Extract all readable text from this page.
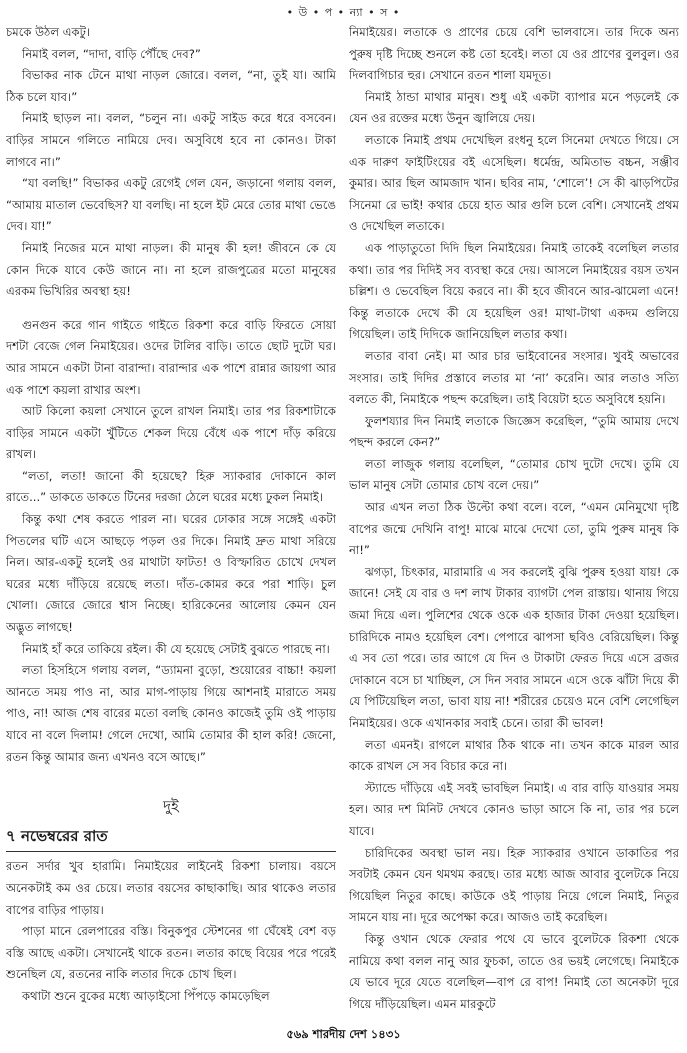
• উ • প • ন্যা • স •

চমকে উঠল একটু।

নিমাই বলল, “দাদা, বাড়ি পৌঁছে দেব?”

বিভাকর নাক টেনে মাথা নাড়ল জোরে। বলল, “না, তুই যা। আমি ঠিক চলে যাব।”

নিমাই ছাড়ল না। বলল, “চলুন না। একটু সাইড করে ধরে বসবেন। বাড়ির সামনে গলিতে নামিয়ে দেব। অসুবিধে হবে না কোনও। টাকা লাগবে না।”

“যা বলছি!” বিভাকর একটু রেগেই গেল যেন, জড়ানো গলায় বলল, “আমায় মাতাল ভেবেছিস? যা বলছি। না হলে ইট মেরে তোর মাথা ভেঙে দেব। যা!”

নিমাই নিজের মনে মাথা নাড়ল। কী মানুষ কী হল! জীবনে কে যে কোন দিকে যাবে কেউ জানে না। না হলে রাজপুত্রের মতো মানুষের এরকম ভিখিরির অবস্থা হয়!

গুনগুন করে গান গাইতে গাইতে রিকশা করে বাড়ি ফিরতে সোয়া দশটা বেজে গেল নিমাইয়ের। ওদের টালির বাড়ি। তাতে ছোট দুটো ঘর। আর সামনে একটা টানা বারান্দা। বারান্দার এক পাশে রান্নার জায়গা আর এক পাশে কয়লা রাখার অংশ।

আট কিলো কয়লা সেখানে তুলে রাখল নিমাই। তার পর রিকশাটাকে বাড়ির সামনে একটা খুঁটিতে শেকল দিয়ে বেঁধে এক পাশে দাঁড় করিয়ে রাখল।

“লতা, লতা! জানো কী হয়েছে? হিরু স্যাকরার দোকানে কাল রাতে...” ডাকতে ডাকতে টিনের দরজা ঠেলে ঘরের মধ্যে ঢুকল নিমাই।

কিন্তু কথা শেষ করতে পারল না। ঘরের ঢোকার সঙ্গে সঙ্গেই একটা পিতলের ঘটি এসে আছড়ে পড়ল ওর দিকে। নিমাই দ্রুত মাথা সরিয়ে নিল। আর-একটু হলেই ওর মাথাটা ফাটত! ও বিস্ফারিত চোখে দেখল ঘরের মধ্যে দাঁড়িয়ে রয়েছে লতা। দাঁত-কোমর করে পরা শাড়ি। চুল খোলা। জোরে জোরে শ্বাস নিচ্ছে। হারিকেনের আলোয় কেমন যেন অদ্ভুত লাগছে!

নিমাই হাঁ করে তাকিয়ে রইল। কী যে হয়েছে সেটাই বুঝতে পারছে না।

লতা হিসহিসে গলায় বলল, “ড্যামনা বুড়ো, শুয়োরের বাচ্চা! কয়লা আনতে সময় পাও না, আর মাগ-পাড়ায় গিয়ে আশনাই মারাতে সময় পাও, না! আজ শেষ বারের মতো বলছি কোনও কাজেই তুমি ওই পাড়ায় যাবে না বলে দিলাম! গেলে দেখো, আমি তোমার কী হাল করি! জেনো, রতন কিন্তু আমার জন্য এখনও বসে আছে।”

দুই
৭ নভেম্বরের রাত

রতন সর্দার খুব হারামি। নিমাইয়ের লাইনেই রিকশা চালায়। বয়সে অনেকটাই কম ওর চেয়ে। লতার বয়সের কাছাকাছি। আর থাকেও লতার বাপের বাড়ির পাড়ায়।

পাড়া মানে রেলপারের বস্তি। বিনুকপুর স্টেশনের গা ঘেঁষেই বেশ বড় বস্তি আছে একটা। সেখানেই থাকে রতন। লতার কাছে বিয়ের পরে পরেই শুনেছিল যে, রতনের নাকি লতার দিকে চোখ ছিল।

কথাটা শুনে বুকের মধ্যে আড়াইসো পিঁপড়ে কামড়েছিল

নিমাইয়ের। লতাকে ও প্রাণের চেয়ে বেশি ভালবাসে। তার দিকে অন্য পুরুষ দৃষ্টি দিচ্ছে শুনলে কষ্ট তো হবেই। লতা যে ওর প্রাণের বুলবুল। ওর দিলবাগিচার হুর। সেখানে রতন শালা যমদূত।

নিমাই ঠান্ডা মাথার মানুষ। শুধু এই একটা ব্যাপার মনে পড়লেই কে যেন ওর রক্তের মধ্যে উনুন জ্বালিয়ে দেয়।

লতাকে নিমাই প্রথম দেখেছিল রংধনু হলে সিনেমা দেখতে গিয়ে। সে এক দারুণ ফাইটিংয়ের বই এসেছিল। ধর্মেন্দ্র, অমিতাভ বচ্চন, সঞ্জীব কুমার। আর ছিল আমজাদ খান। ছবির নাম, ‘শোলে’! সে কী ঝাড়পিটের সিনেমা রে ভাই! কথার চেয়ে হাত আর গুলি চলে বেশি। সেখানেই প্রথম ও দেখেছিল লতাকে।

এক পাড়াতুতো দিদি ছিল নিমাইয়ের। নিমাই তাকেই বলেছিল লতার কথা। তার পর দিদিই সব ব্যবস্থা করে দেয়। আসলে নিমাইয়ের বয়স তখন চল্লিশ। ও ভেবেছিল বিয়ে করবে না। কী হবে জীবনে আর-ঝামেলা এনে! কিন্তু লতাকে দেখে কী যে হয়েছিল ওর! মাথা-টাথা একদম গুলিয়ে গিয়েছিল। তাই দিদিকে জানিয়েছিল লতার কথা।

লতার বাবা নেই। মা আর চার ভাইবোনের সংসার। খুবই অভাবের সংসার। তাই দিদির প্রস্তাবে লতার মা ‘না’ করেনি। আর লতাও সত্যি বলতে কী, নিমাইকে পছন্দ করেছিল। তাই বিয়েটা হতে অসুবিধে হয়নি।

ফুলশয্যার দিন নিমাই লতাকে জিজ্ঞেস করেছিল, “তুমি আমায় দেখে পছন্দ করলে কেন?”

লতা লাজুক গলায় বলেছিল, “তোমার চোখ দুটো দেখে। তুমি যে ভাল মানুষ সেটা তোমার চোখ বলে দেয়।”

আর এখন লতা ঠিক উল্টো কথা বলে। বলে, “এমন মেনিমুখো দৃষ্টি বাপের জন্মে দেখিনি বাপু! মাঝে মাঝে দেখো তো, তুমি পুরুষ মানুষ কি না!”

ঝগড়া, চিৎকার, মারামারি এ সব করলেই বুঝি পুরুষ হওয়া যায়! কে জানে! সেই যে বার ও দশ লাখ টাকার ব্যাগটা পেল রাস্তায়। থানায় গিয়ে জমা দিয়ে এল। পুলিশের থেকে ওকে এক হাজার টাকা দেওয়া হয়েছিল। চারিদিকে নামও হয়েছিল বেশ। পেপারে ঝাপসা ছবিও বেরিয়েছিল। কিন্তু এ সব তো পরে। তার আগে যে দিন ও টাকাটা ফেরত দিয়ে এসে ব্রজর দোকানে বসে চা খাচ্ছিল, সে দিন সবার সামনে এসে ওকে ঝাঁটা দিয়ে কী যে পিটিয়েছিল লতা, ভাবা যায় না! শরীরের চেয়েও মনে বেশি লেগেছিল নিমাইয়ের। ওকে এখানকার সবাই চেনে। তারা কী ভাবল!

লতা এমনই। রাগলে মাথার ঠিক থাকে না। তখন কাকে মারল আর কাকে রাখল সে সব বিচার করে না।

স্ট্যান্ডে দাঁড়িয়ে এই সবই ভাবছিল নিমাই। এ বার বাড়ি যাওয়ার সময় হল। আর দশ মিনিট দেখবে কোনও ভাড়া আসে কি না, তার পর চলে যাবে।

চারিদিকের অবস্থা ভাল নয়। হিরু স্যাকরার ওখানে ডাকাতির পর সবটাই কেমন যেন থমথম করছে। তার মধ্যে আজ আবার বুলেটকে নিয়ে গিয়েছিল নিতুর কাছে। কাউকে ওই পাড়ায় নিয়ে গেলে নিমাই, নিতুর সামনে যায় না। দূরে অপেক্ষা করে। আজও তাই করেছিল।

কিন্তু ওখান থেকে ফেরার পথে যে ভাবে বুলেটকে রিকশা থেকে নামিয়ে কথা বলল নানু আর ফুচকা, তাতে ওর ভয়ই লেগেছে। নিমাইকে যে ভাবে দূরে যেতে বলেছিল—বাপ রে বাপ! নিমাই তো অনেকটা দূরে গিয়ে দাঁড়িয়েছিল। এমন মারকুটে

৫৬৯ শারদীয় দেশ ১৪৩১
